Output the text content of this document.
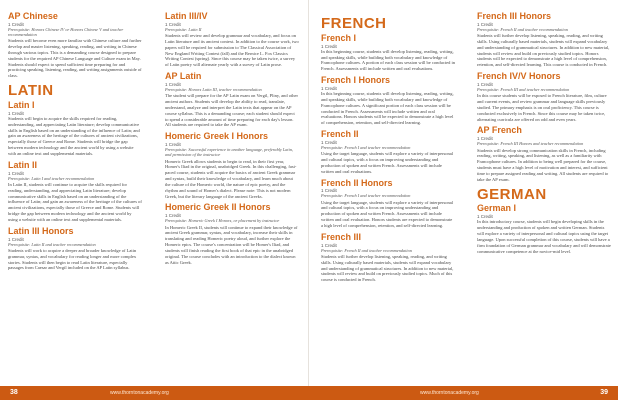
AP Chinese

1 Credit

Prerequisite: Honors Chinese IV or Honors Chinese V and teacher recommendation

Students will become even more familiar with Chinese culture and further develop and master listening, speaking, reading, and writing in Chinese through various topics. This is a demanding course designed to prepare students for the required AP Chinese Language and Culture exam in May. Students should expect to spend sufficient time preparing for and practicing speaking, listening, reading, and writing assignments outside of class.

LATIN
Latin I

1 Credit

Students will begin to acquire the skills required for reading, understanding, and appreciating Latin literature; develop communicative skills in English based on an understanding of the influence of Latin; and gain an awareness of the heritage of the cultures of ancient civilizations, especially those of Greece and Rome. Students will bridge the gap between modern technology and the ancient world by using a website with an online text and supplemental materials.

Latin II

1 Credit

Prerequisite: Latin I and teacher recommendation

In Latin II, students will continue to acquire the skills required for reading, understanding, and appreciating Latin literature; develop communicative skills in English based on an understanding of the influence of Latin; and gain an awareness of the heritage of the cultures of ancient civilizations, especially those of Greece and Rome. Students will bridge the gap between modern technology and the ancient world by using a website with an online text and supplemental materials.

Latin III Honors

1 Credit

Prerequisite: Latin II and teacher recommendation

Students will work to acquire a deeper and broader knowledge of Latin grammar, syntax, and vocabulary for reading longer and more complex stories. Students will then begin to read Latin literature, especially passages from Caesar and Vergil included on the AP Latin syllabus.

Latin III/IV

1 Credit

Prerequisite: Latin II

Students will review and develop grammar and vocabulary, and focus on Latin literature and its ancient context. In addition to the course work, two papers will be required for submission to The Classical Association of New England Writing Contest (fall) and the Bernice L. Fox Classics Writing Contest (spring). Since this course may be taken twice, a survey of Latin poetry will alternate yearly with a survey of Latin prose.

AP Latin

1 Credit

Prerequisite: Honors Latin III, teacher recommendation

The student will prepare for the AP Latin exam on Vergil, Pliny, and other ancient authors. Students will develop the ability to read, translate, understand, analyze and interpret the Latin texts that appear on the AP course syllabus. This is a demanding course; each student should expect to spend a considerable amount of time preparing for each day's lesson. All students are required to take the AP exam.

Homeric Greek I Honors

1 Credit

Prerequisite: Successful experience in another language, preferably Latin, and permission of the instructor

Homeric Greek allows students to begin to read, in their first year, Homer's Iliad in the original, unabridged Greek. In this challenging, fast-paced course, students will acquire the basics of ancient Greek grammar and syntax, build their knowledge of vocabulary, and learn much about the culture of the Homeric world, the nature of epic poetry, and the rhythm and sound of Homer's dialect. Please note: This is not modern Greek, but the literary language of the ancient Greeks.

Homeric Greek II Honors

1 Credit

Prerequisite: Homeric Greek I Honors, or placement by instructor

In Homeric Greek II, students will continue to expand their knowledge of ancient Greek grammar, syntax, and vocabulary, increase their skills in translating and reading Homeric poetry aloud, and further explore the Homeric epics. The course's concentration will be Homer's Iliad, and students will finish reading the first book of that epic in the unabridged original. The course concludes with an introduction to the dialect known as Attic Greek.

FRENCH
French I

1 Credit

In this beginning course, students will develop listening, reading, writing, and speaking skills, while building both vocabulary and knowledge of Francophone cultures. A portion of each class session will be conducted in French. Assessments will include written and oral evaluations.

French I Honors

1 Credit

In this beginning course, students will develop listening, reading, writing, and speaking skills, while building both vocabulary and knowledge of Francophone cultures. A significant portion of each class session will be conducted in French. Assessments will include written and oral evaluations. Honors students will be expected to demonstrate a high level of comprehension, retention, and self-directed learning.

French II

1 Credit

Prerequisite: French I and teacher recommendation

Using the target language, students will explore a variety of interpersonal and cultural topics, with a focus on improving understanding and production of spoken and written French. Assessments will include written and oral evaluations.

French II Honors

1 Credit

Prerequisite: French I and teacher recommendation

Using the target language, students will explore a variety of interpersonal and cultural topics, with a focus on improving understanding and production of spoken and written French. Assessments will include written and oral evaluation. Honors students are expected to demonstrate a high level of comprehension, retention, and self-directed learning.

French III

1 Credit

Prerequisite: French II and teacher recommendation

Students will further develop listening, speaking, reading, and writing skills. Using culturally based materials, students will expand vocabulary and understanding of grammatical structures. In addition to new material, students will review and build on previously studied topics. Much of this course is conducted in French.

French III Honors

1 Credit

Prerequisite: French II and teacher recommendation

Students will further develop listening, speaking, reading, and writing skills. Using culturally based materials, students will expand vocabulary and understanding of grammatical structures. In addition to new material, students will review and build on previously studied topics. Honors students will be expected to demonstrate a high level of comprehension, retention, and self-directed learning. This course is conducted in French.

French IV/V Honors

1 Credit

Prerequisite: French III and teacher recommendation

In this course students will be exposed to French literature, film, culture and current events, and review grammar and language skills previously studied. The primary emphasis is on oral proficiency. This course is conducted exclusively in French. Since this course may be taken twice, alternating curricula are offered on odd and even years.

AP French

1 Credit

Prerequisite: French III Honors and teacher recommendation

Students will develop strong communication skills in French, including reading, writing, speaking, and listening, as well as a familiarity with Francophone cultures. In addition to being well prepared for the course, students must have a high level of motivation and interest, and sufficient time to prepare assigned reading and writing. All students are required to take the AP exam.

GERMAN
German I

1 Credit

In this introductory course, students will begin developing skills in the understanding and production of spoken and written German. Students will explore a variety of interpersonal and cultural topics using the target language. Upon successful completion of this course, students will have a firm foundation of German grammar and vocabulary and will demonstrate communicative competence at the novice-mid level.

38	www.thorntonacademy.org	www.thorntonacademy.org	39
